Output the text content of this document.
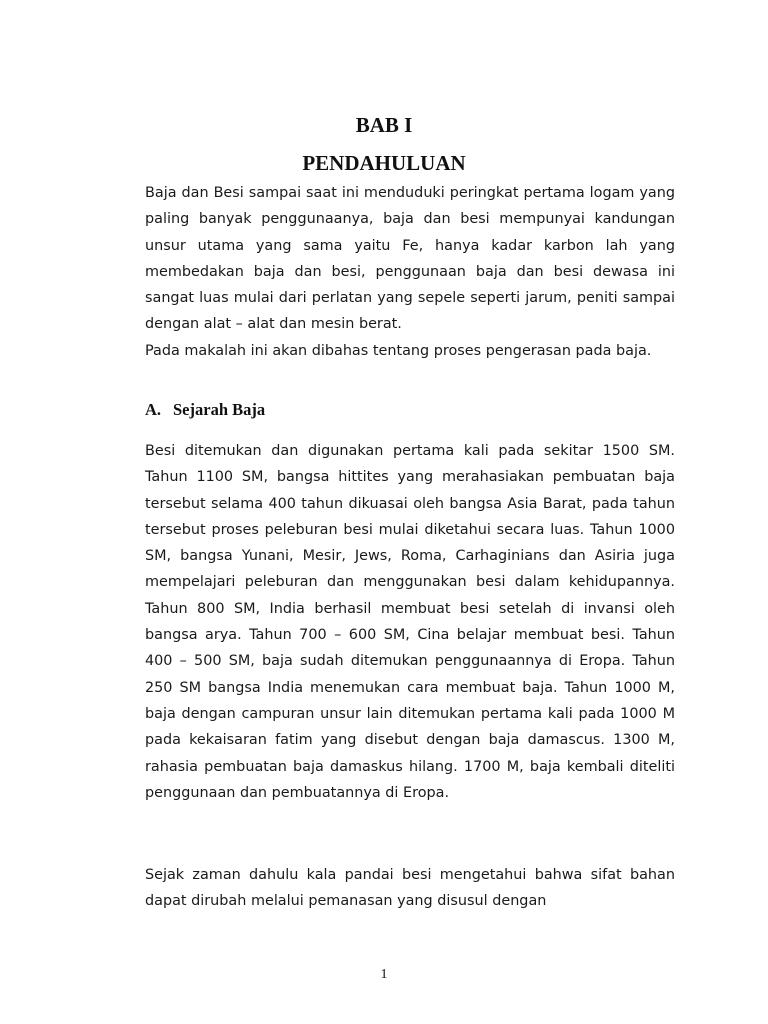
BAB I
PENDAHULUAN

Baja dan Besi sampai saat ini menduduki peringkat pertama logam yang paling banyak penggunaanya, baja dan besi mempunyai kandungan unsur utama yang sama yaitu Fe, hanya kadar karbon lah yang membedakan baja dan besi, penggunaan baja dan besi dewasa ini sangat luas mulai dari perlatan yang sepele seperti jarum, peniti sampai dengan alat – alat dan mesin berat.

Pada makalah ini akan dibahas tentang proses pengerasan pada baja.

A. Sejarah Baja

Besi ditemukan dan digunakan pertama kali pada sekitar 1500 SM. Tahun 1100 SM, bangsa hittites yang merahasiakan pembuatan baja tersebut selama 400 tahun dikuasai oleh bangsa Asia Barat, pada tahun tersebut proses peleburan besi mulai diketahui secara luas. Tahun 1000 SM, bangsa Yunani, Mesir, Jews, Roma, Carhaginians dan Asiria juga mempelajari peleburan dan menggunakan besi dalam kehidupannya. Tahun 800 SM, India berhasil membuat besi setelah di invansi oleh bangsa arya. Tahun 700 – 600 SM, Cina belajar membuat besi. Tahun 400 – 500 SM, baja sudah ditemukan penggunaannya di Eropa. Tahun 250 SM bangsa India menemukan cara membuat baja. Tahun 1000 M, baja dengan campuran unsur lain ditemukan pertama kali pada 1000 M pada kekaisaran fatim yang disebut dengan baja damascus. 1300 M, rahasia pembuatan baja damaskus hilang. 1700 M, baja kembali diteliti penggunaan dan pembuatannya di Eropa.

Sejak zaman dahulu kala pandai besi mengetahui bahwa sifat bahan dapat dirubah melalui pemanasan yang disusul dengan

1
